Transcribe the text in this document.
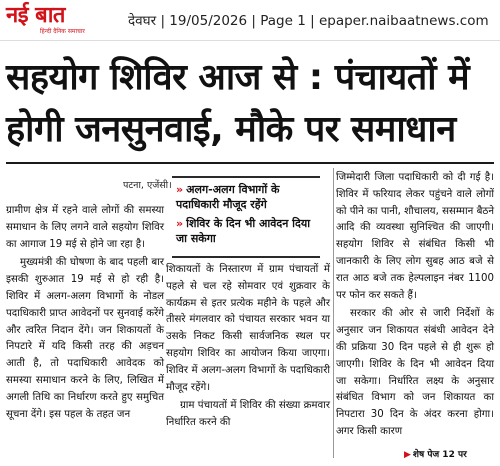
नई बात
हिन्दी दैनिक समाचार
देवघर | 19/05/2026 | Page 1 | epaper.naibaatnews.com
सहयोग शिविर आज से : पंचायतों में
होगी जनसुनवाई, मौके पर समाधान
पटना, एजेंसी।

ग्रामीण क्षेत्र में रहने वाले लोगों की समस्या समाधान के लिए लगने वाले सहयोग शिविर का आगाज 19 मई से होने जा रहा है।

मुख्यमंत्री की घोषणा के बाद पहली बार इसकी शुरुआत 19 मई से हो रही है। शिविर में अलग-अलग विभागों के नोडल पदाधिकारी प्राप्त आवेदनों पर सुनवाई करेंगे और त्वरित निदान देंगे। जन शिकायतों के निपटारे में यदि किसी तरह की अड़चन आती है, तो पदाधिकारी आवेदक को समस्या समाधान करने के लिए, लिखित में अगली तिथि का निर्धारण करते हुए समुचित सूचना देंगे। इस पहल के तहत जन

» अलग-अलग विभागों के पदाधिकारी मौजूद रहेंगे
» शिविर के दिन भी आवेदन दिया जा सकेगा

शिकायतों के निस्तारण में ग्राम पंचायतों में पहले से चल रहे सोमवार एवं शुक्रवार के कार्यक्रम से इतर प्रत्येक महीने के पहले और तीसरे मंगलवार को पंचायत सरकार भवन या उसके निकट किसी सार्वजनिक स्थल पर सहयोग शिविर का आयोजन किया जाएगा। शिविर में अलग-अलग विभागों के पदाधिकारी मौजूद रहेंगे।

ग्राम पंचायतों में शिविर की संख्या क्रमवार निर्धारित करने की

जिम्मेदारी जिला पदाधिकारी को दी गई है। शिविर में फरियाद लेकर पहुंचने वाले लोगों को पीने का पानी, शौचालय, ससम्मान बैठने आदि की व्यवस्था सुनिश्चित की जाएगी। सहयोग शिविर से संबंधित किसी भी जानकारी के लिए लोग सुबह आठ बजे से रात आठ बजे तक हेल्पलाइन नंबर 1100 पर फोन कर सकते हैं।

सरकार की ओर से जारी निर्देशों के अनुसार जन शिकायत संबंधी आवेदन देने की प्रक्रिया 30 दिन पहले से ही शुरू हो जाएगी। शिविर के दिन भी आवेदन दिया जा सकेगा। निर्धारित लक्ष्य के अनुसार संबंधित विभाग को जन शिकायत का निपटारा 30 दिन के अंदर करना होगा। अगर किसी कारण

▶ शेष पेज 12 पर
